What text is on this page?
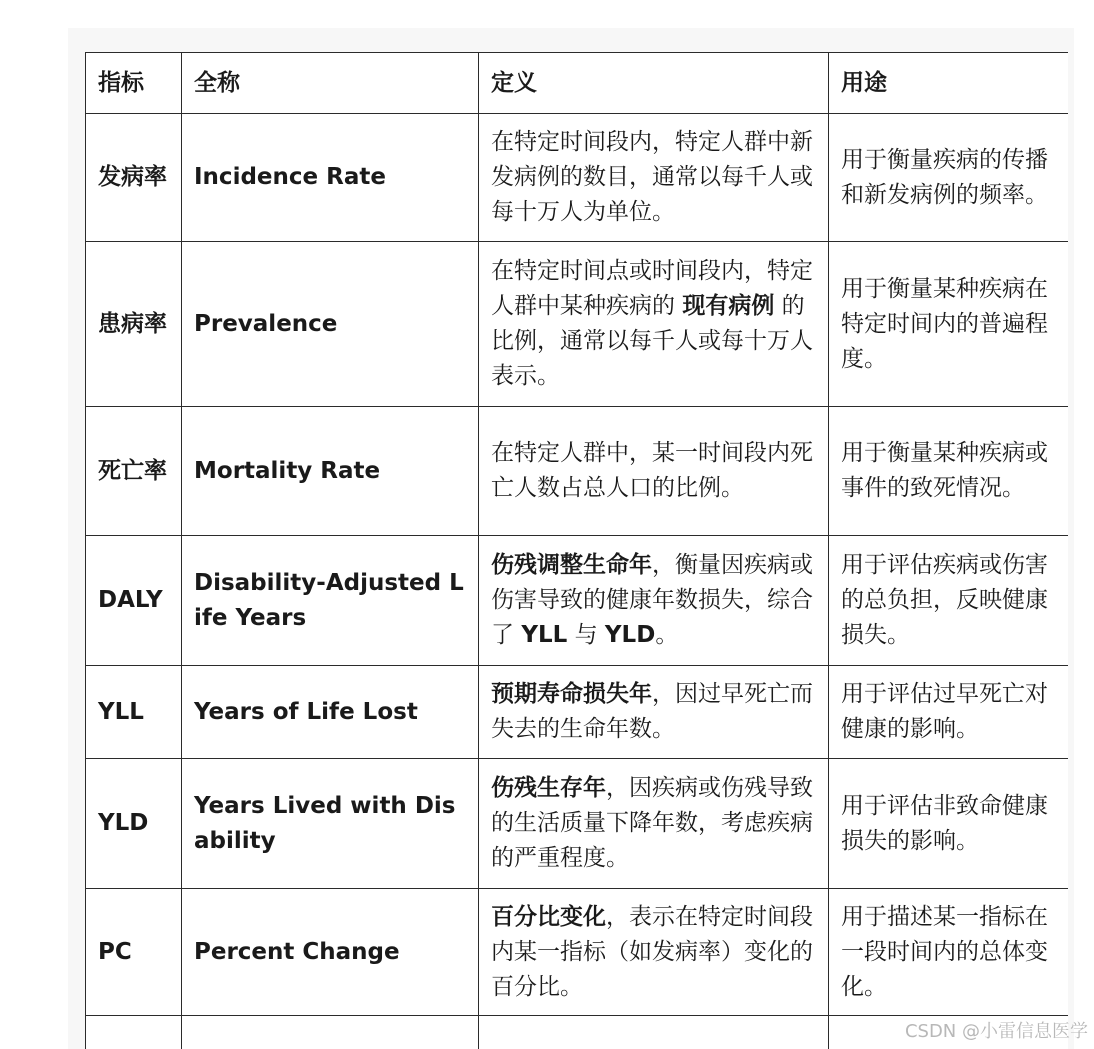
指标	全称	定义	用途
发病率	Incidence Rate	在特定时间段内，特定人群中新发病例的数目，通常以每千人或每十万人为单位。	用于衡量疾病的传播和新发病例的频率。
患病率	Prevalence	在特定时间点或时间段内，特定人群中某种疾病的 现有病例 的比例，通常以每千人或每十万人表示。	用于衡量某种疾病在特定时间内的普遍程度。
死亡率	Mortality Rate	在特定人群中，某一时间段内死亡人数占总人口的比例。	用于衡量某种疾病或事件的致死情况。
DALY	Disability-Adjusted Life Years	伤残调整生命年，衡量因疾病或伤害导致的健康年数损失，综合了 YLL 与 YLD。	用于评估疾病或伤害的总负担，反映健康损失。
YLL	Years of Life Lost	预期寿命损失年，因过早死亡而失去的生命年数。	用于评估过早死亡对健康的影响。
YLD	Years Lived with Disability	伤残生存年，因疾病或伤残导致的生活质量下降年数，考虑疾病的严重程度。	用于评估非致命健康损失的影响。
PC	Percent Change	百分比变化，表示在特定时间段内某一指标（如发病率）变化的百分比。	用于描述某一指标在一段时间内的总体变化。

CSDN @小雷信息医学
